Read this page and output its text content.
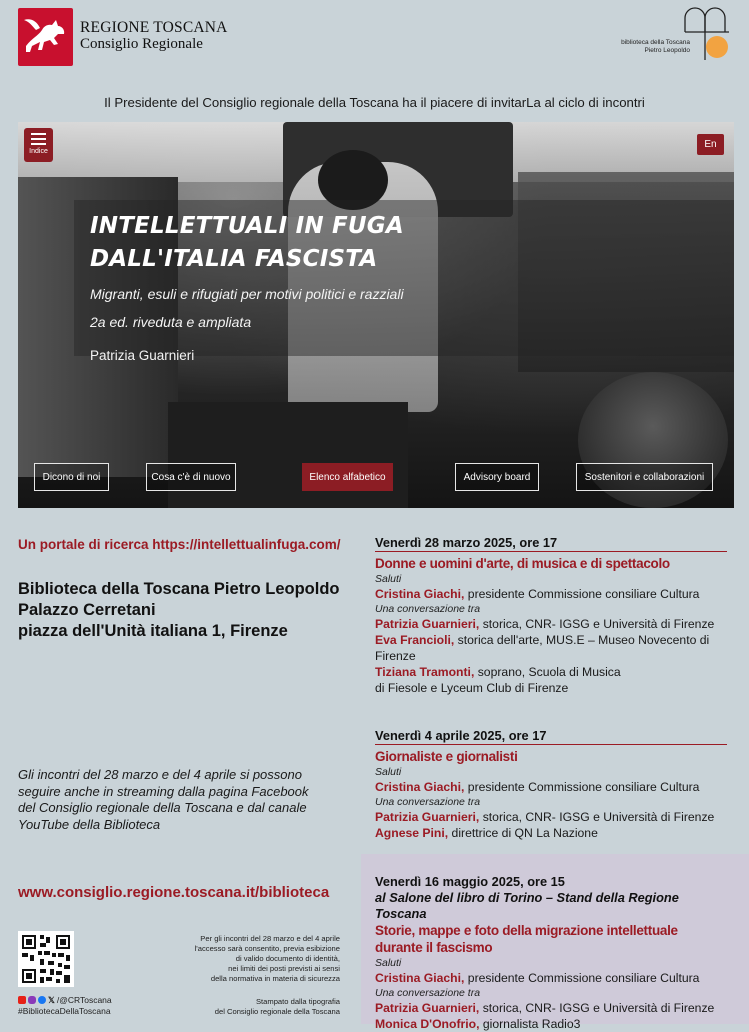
REGIONE TOSCANA
Consiglio Regionale	biblioteca della Toscana
Pietro Leopoldo
Il Presidente del Consiglio regionale della Toscana ha il piacere di invitarLa al ciclo di incontri
Indice
En
INTELLETTUALI IN FUGA
DALL'ITALIA FASCISTA
Migranti, esuli e rifugiati per motivi politici e razziali
2a ed. riveduta e ampliata
Patrizia Guarnieri
Dicono di noi	Cosa c'è di nuovo	Elenco alfabetico	Advisory board	Sostenitori e collaborazioni
Un portale di ricerca https://intellettualinfuga.com/
Biblioteca della Toscana Pietro Leopoldo
Palazzo Cerretani
piazza dell'Unità italiana 1, Firenze
Gli incontri del 28 marzo e del 4 aprile si possono
seguire anche in streaming dalla pagina Facebook
del Consiglio regionale della Toscana e dal canale
YouTube della Biblioteca
www.consiglio.regione.toscana.it/biblioteca
Per gli incontri del 28 marzo e del 4 aprile
l'accesso sarà consentito, previa esibizione
di valido documento di identità,
nei limiti dei posti previsti ai sensi
della normativa in materia di sicurezza
𝕏 /@CRToscana
#BibliotecaDellaToscana
Stampato dalla tipografia
del Consiglio regionale della Toscana
Venerdì 28 marzo 2025, ore 17
Donne e uomini d'arte, di musica e di spettacolo
Saluti
Cristina Giachi, presidente Commissione consiliare Cultura
Una conversazione tra
Patrizia Guarnieri, storica, CNR- IGSG e Università di Firenze
Eva Francioli, storica dell'arte, MUS.E – Museo Novecento di Firenze
Tiziana Tramonti, soprano, Scuola di Musica
di Fiesole e Lyceum Club di Firenze
Venerdì 4 aprile 2025, ore 17
Giornaliste e giornalisti
Saluti
Cristina Giachi, presidente Commissione consiliare Cultura
Una conversazione tra
Patrizia Guarnieri, storica, CNR- IGSG e Università di Firenze
Agnese Pini, direttrice di QN La Nazione
Venerdì 16 maggio 2025, ore 15
al Salone del libro di Torino – Stand della Regione Toscana
Storie, mappe e foto della migrazione intellettuale
durante il fascismo
Saluti
Cristina Giachi, presidente Commissione consiliare Cultura
Una conversazione tra
Patrizia Guarnieri, storica, CNR- IGSG e Università di Firenze
Monica D'Onofrio, giornalista Radio3
